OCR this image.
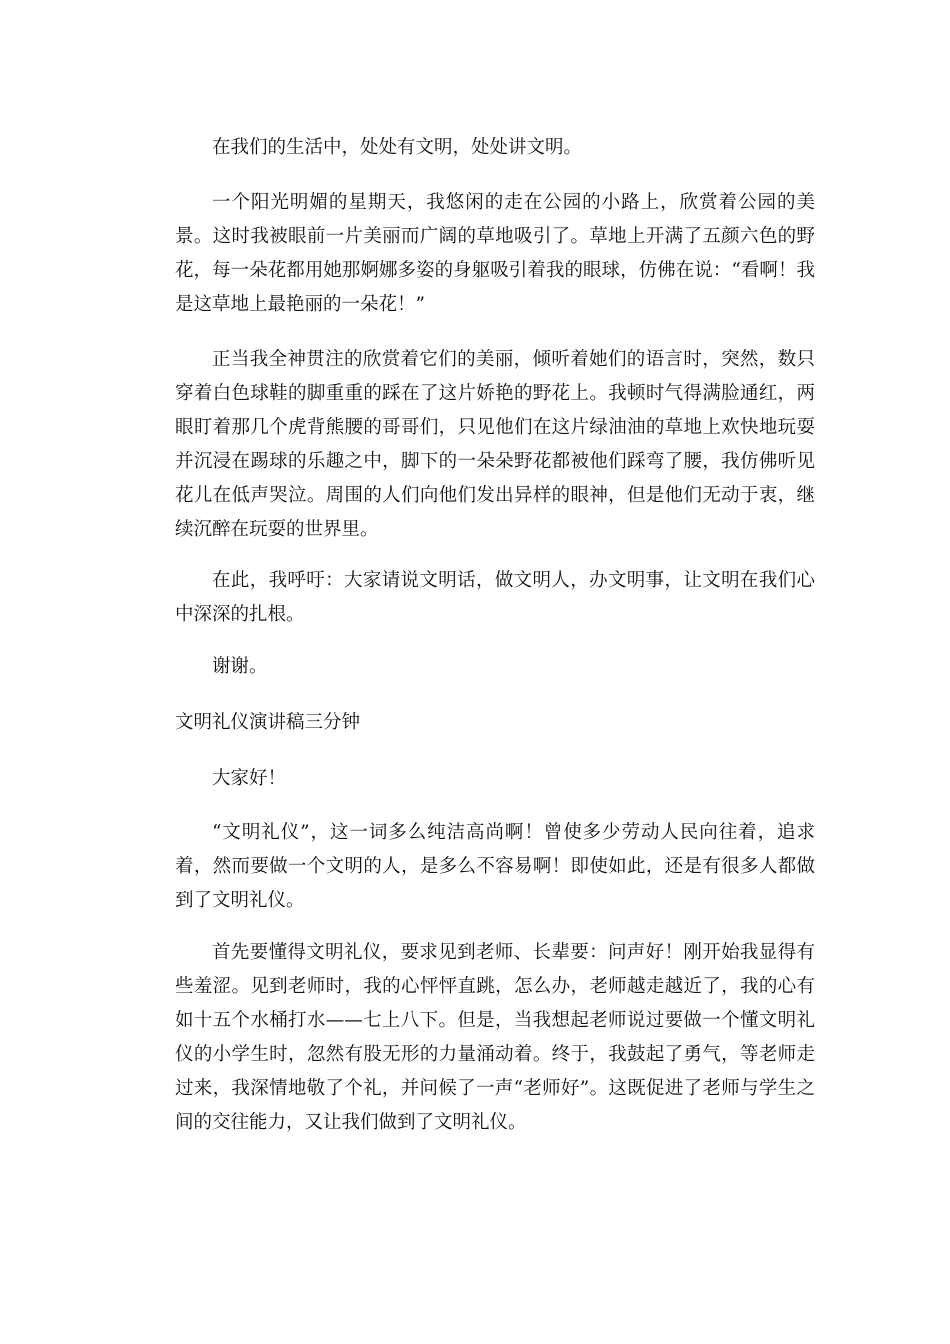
在我们的生活中，处处有文明，处处讲文明。

一个阳光明媚的星期天，我悠闲的走在公园的小路上，欣赏着公园的美景。这时我被眼前一片美丽而广阔的草地吸引了。草地上开满了五颜六色的野花，每一朵花都用她那婀娜多姿的身躯吸引着我的眼球，仿佛在说：“看啊！我是这草地上最艳丽的一朵花！”

正当我全神贯注的欣赏着它们的美丽，倾听着她们的语言时，突然，数只穿着白色球鞋的脚重重的踩在了这片娇艳的野花上。我顿时气得满脸通红，两眼盯着那几个虎背熊腰的哥哥们，只见他们在这片绿油油的草地上欢快地玩耍并沉浸在踢球的乐趣之中，脚下的一朵朵野花都被他们踩弯了腰，我仿佛听见花儿在低声哭泣。周围的人们向他们发出异样的眼神，但是他们无动于衷，继续沉醉在玩耍的世界里。

在此，我呼吁：大家请说文明话，做文明人，办文明事，让文明在我们心中深深的扎根。

谢谢。

文明礼仪演讲稿三分钟

大家好！

“文明礼仪”，这一词多么纯洁高尚啊！曾使多少劳动人民向往着，追求着，然而要做一个文明的人，是多么不容易啊！即使如此，还是有很多人都做到了文明礼仪。

首先要懂得文明礼仪，要求见到老师、长辈要：问声好！刚开始我显得有些羞涩。见到老师时，我的心怦怦直跳，怎么办，老师越走越近了，我的心有如十五个水桶打水——七上八下。但是，当我想起老师说过要做一个懂文明礼仪的小学生时，忽然有股无形的力量涌动着。终于，我鼓起了勇气，等老师走过来，我深情地敬了个礼，并问候了一声“老师好”。这既促进了老师与学生之间的交往能力，又让我们做到了文明礼仪。
